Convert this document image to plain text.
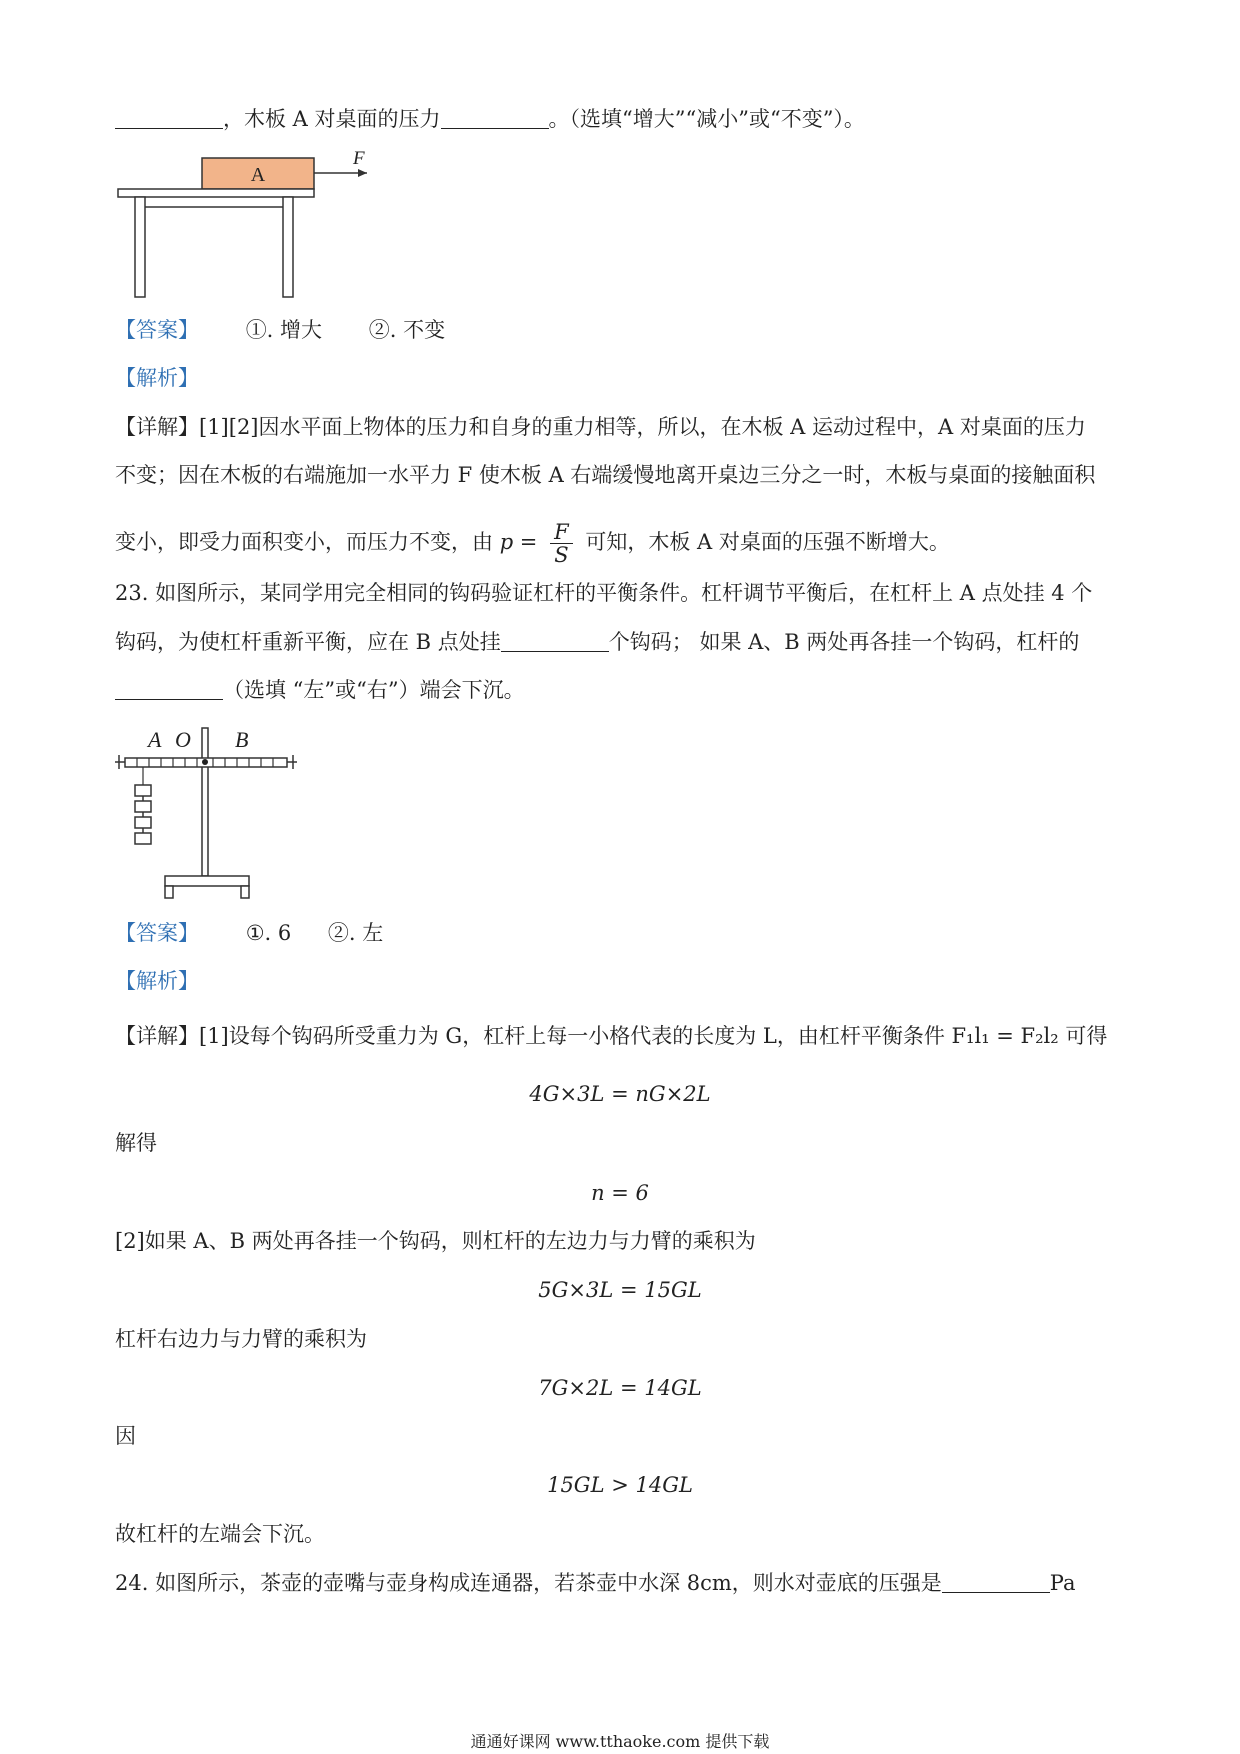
，木板 A 对桌面的压力	。（选填“增大”“减小”或“不变”）。
A
F
【答案】 ①. 增大 ②. 不变
【解析】
【详解】[1][2]因水平面上物体的压力和自身的重力相等，所以，在木板 A 运动过程中，A 对桌面的压力
不变；因在木板的右端施加一水平力 F 使木板 A 右端缓慢地离开桌边三分之一时，木板与桌面的接触面积
变小，即受力面积变小，而压力不变，由 $p = \frac{F}{S}$ 可知，木板 A 对桌面的压强不断增大。
23. 如图所示，某同学用完全相同的钩码验证杠杆的平衡条件。杠杆调节平衡后，在杠杆上 A 点处挂 4 个
钩码，为使杠杆重新平衡，应在 B 点处挂	个钩码； 如果 A、B 两处再各挂一个钩码，杠杆的
（选填 “左”或“右”）端会下沉。
A O B
【答案】 ①. 6 ②. 左
【解析】
【详解】[1]设每个钩码所受重力为 G，杠杆上每一小格代表的长度为 L，由杠杆平衡条件 F₁l₁ = F₂l₂ 可得
4G×3L = nG×2L
解得
n = 6
[2]如果 A、B 两处再各挂一个钩码，则杠杆的左边力与力臂的乘积为
5G×3L = 15GL
杠杆右边力与力臂的乘积为
7G×2L = 14GL
因
15GL > 14GL
故杠杆的左端会下沉。
24. 如图所示，茶壶的壶嘴与壶身构成连通器，若茶壶中水深 8cm，则水对壶底的压强是	Pa
通通好课网 www.tthaoke.com 提供下载
